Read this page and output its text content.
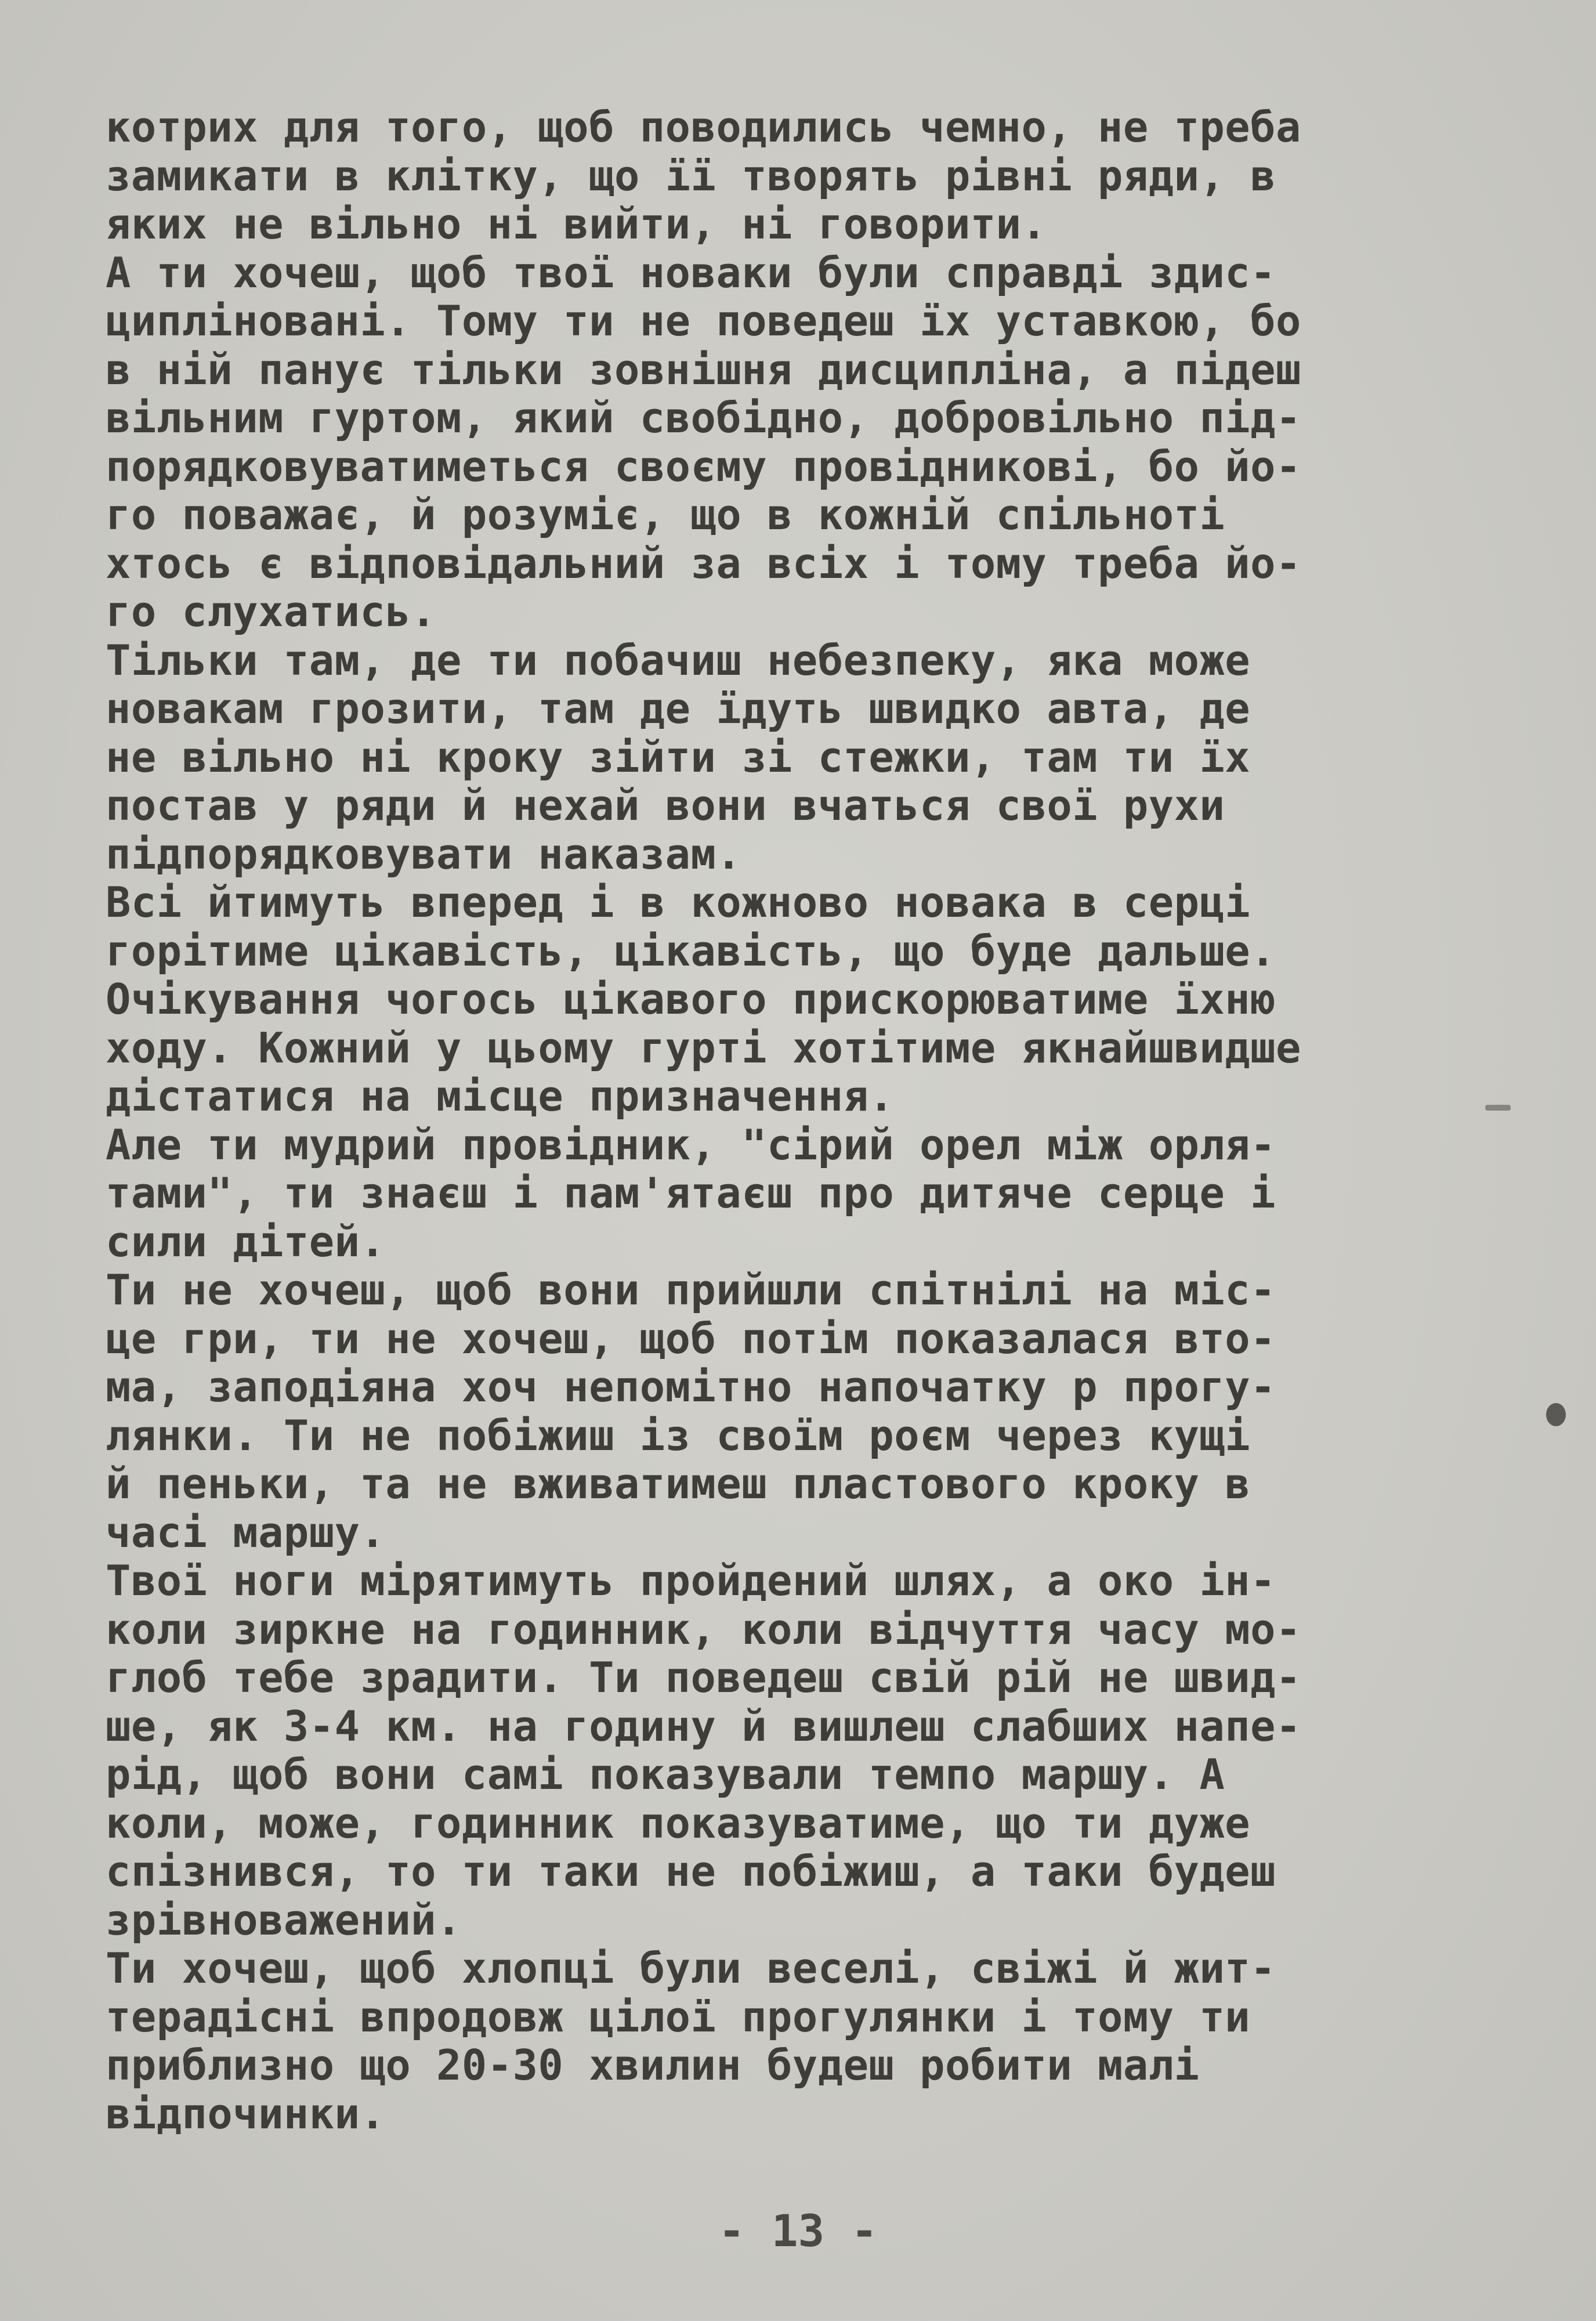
котрих для того, щоб поводились чемно, не треба
замикати в клітку, що її творять рівні ряди, в
яких не вільно ні вийти, ні говорити.
А ти хочеш, щоб твої новаки були справді здис-
ципліновані. Тому ти не поведеш їх уставкою, бо
в ній панує тільки зовнішня дисципліна, а підеш
вільним гуртом, який свобідно, добровільно під-
порядковуватиметься своєму провідникові, бо йо-
го поважає, й розуміє, що в кожній спільноті
хтось є відповідальний за всіх і тому треба йо-
го слухатись.
Тільки там, де ти побачиш небезпеку, яка може
новакам грозити, там де їдуть швидко авта, де
не вільно ні кроку зійти зі стежки, там ти їх
постав у ряди й нехай вони вчаться свої рухи
підпорядковувати наказам.
Всі йтимуть вперед і в кожново новака в серці
горітиме цікавість, цікавість, що буде дальше.
Очікування чогось цікавого прискорюватиме їхню
ходу. Кожний у цьому гурті хотітиме якнайшвидше
дістатися на місце призначення.
Але ти мудрий провідник, "сірий орел між орля-
тами", ти знаєш і пам'ятаєш про дитяче серце і
сили дітей.
Ти не хочеш, щоб вони прийшли спітнілі на міс-
це гри, ти не хочеш, щоб потім показалася вто-
ма, заподіяна хоч непомітно напочатку р прогу-
лянки. Ти не побіжиш із своїм роєм через кущі
й пеньки, та не вживатимеш пластового кроку в
часі маршу.
Твої ноги мірятимуть пройдений шлях, а око ін-
коли зиркне на годинник, коли відчуття часу мо-
глоб тебе зрадити. Ти поведеш свій рій не швид-
ше, як 3-4 км. на годину й вишлеш слабших напе-
рід, щоб вони самі показували темпо маршу. А
коли, може, годинник показуватиме, що ти дуже
спізнився, то ти таки не побіжиш, а таки будеш
зрівноважений.
Ти хочеш, щоб хлопці були веселі, свіжі й жит-
терадісні впродовж цілої прогулянки і тому ти
приблизно що 20-30 хвилин будеш робити малі
відпочинки.
- 13 -
